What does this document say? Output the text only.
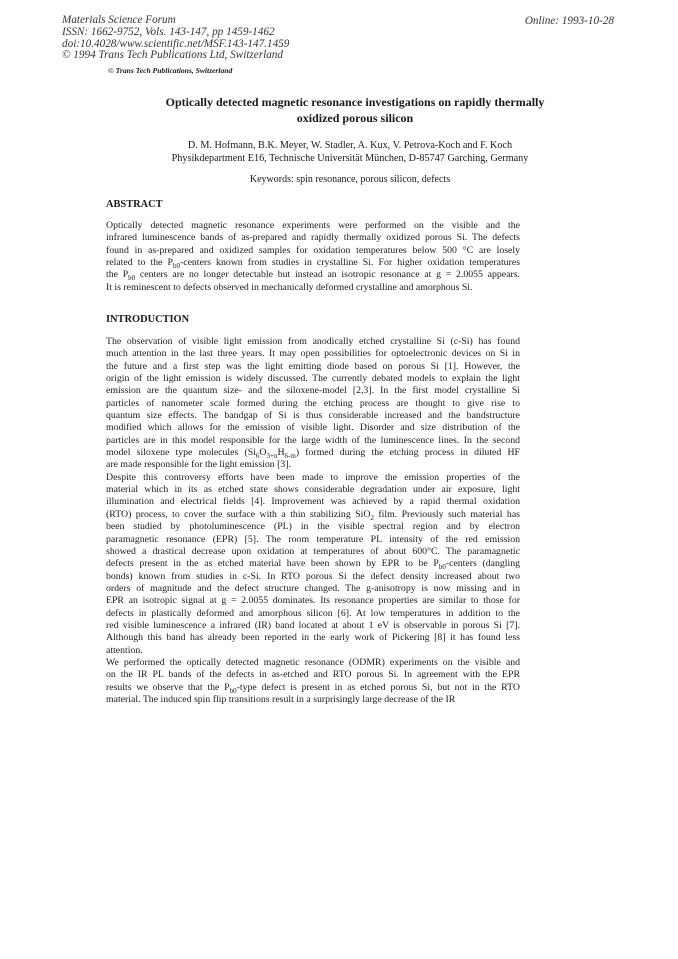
Materials Science Forum
ISSN: 1662-9752, Vols. 143-147, pp 1459-1462
doi:10.4028/www.scientific.net/MSF.143-147.1459
© 1994 Trans Tech Publications Ltd, Switzerland
Online: 1993-10-28
© Trans Tech Publications, Switzerland
Optically detected magnetic resonance investigations on rapidly thermally
oxidized porous silicon
D. M. Hofmann, B.K. Meyer, W. Stadler, A. Kux, V. Petrova-Koch and F. Koch
Physikdepartment E16, Technische Universität München, D-85747 Garching, Germany
Keywords: spin resonance, porous silicon, defects
ABSTRACT
Optically detected magnetic resonance experiments were performed on the visible and the
infrared luminescence bands of as-prepared and rapidly thermally oxidized porous Si. The defects
found in as-prepared and oxidized samples for oxidation temperatures below 500 °C are losely
related to the $P_{b0}$-centers known from studies in crystalline Si. For higher oxidation temperatures
the $P_{b0}$ centers are no longer detectable but instead an isotropic resonance at g = 2.0055 appears.
It is reminescent to defects observed in mechanically deformed crystalline and amorphous Si.
INTRODUCTION
The observation of visible light emission from anodically etched crystalline Si (c-Si) has found
much attention in the last three years. It may open possibilities for optoelectronic devices on Si in
the future and a first step was the light emitting diode based on porous Si [1]. However, the
origin of the light emission is widely discussed. The currently debated models to explain the light
emission are the quantum size- and the siloxene-model [2,3]. In the first model crystalline Si
particles of nanometer scale formed during the etching process are thought to give rise to
quantum size effects. The bandgap of Si is thus considerable increased and the bandstructure
modified which allows for the emission of visible light. Disorder and size distribution of the
particles are in this model responsible for the large width of the luminescence lines. In the second
model siloxene type molecules $(Si_6O_{3+n}H_{6-m})$ formed during the etching process in diluted HF
are made responsible for the light emission [3].
Despite this controversy efforts have been made to improve the emission properties of the
material which in its as etched state shows considerable degradation under air exposure, light
illumination and electrical fields [4]. Improvement was achieved by a rapid thermal oxidation
(RTO) process, to cover the surface with a thin stabilizing SiO$_2$ film. Previously such material has
been studied by photoluminescence (PL) in the visible spectral region and by electron
paramagnetic resonance (EPR) [5]. The room temperature PL intensity of the red emission
showed a drastical decrease upon oxidation at temperatures of about 600°C. The paramagnetic
defects present in the as etched material have been shown by EPR to be $P_{b0}$-centers (dangling
bonds) known from studies in c-Si. In RTO porous Si the defect density increased about two
orders of magnitude and the defect structure changed. The g-anisotropy is now missing and in
EPR an isotropic signal at g = 2.0055 dominates. Its resonance properties are similar to those for
defects in plastically deformed and amorphous silicon [6]. At low temperatures in addition to the
red visible luminescence a infrared (IR) band located at about 1 eV is observable in porous Si [7].
Although this band has already been reported in the early work of Pickering [8] it has found less
attention.
We performed the optically detected magnetic resonance (ODMR) experiments on the visible and
on the IR PL bands of the defects in as-etched and RTO porous Si. In agreement with the EPR
results we observe that the $P_{b0}$-type defect is present in as etched porous Si, but not in the RTO
material. The induced spin flip transitions result in a surprisingly large decrease of the IR
